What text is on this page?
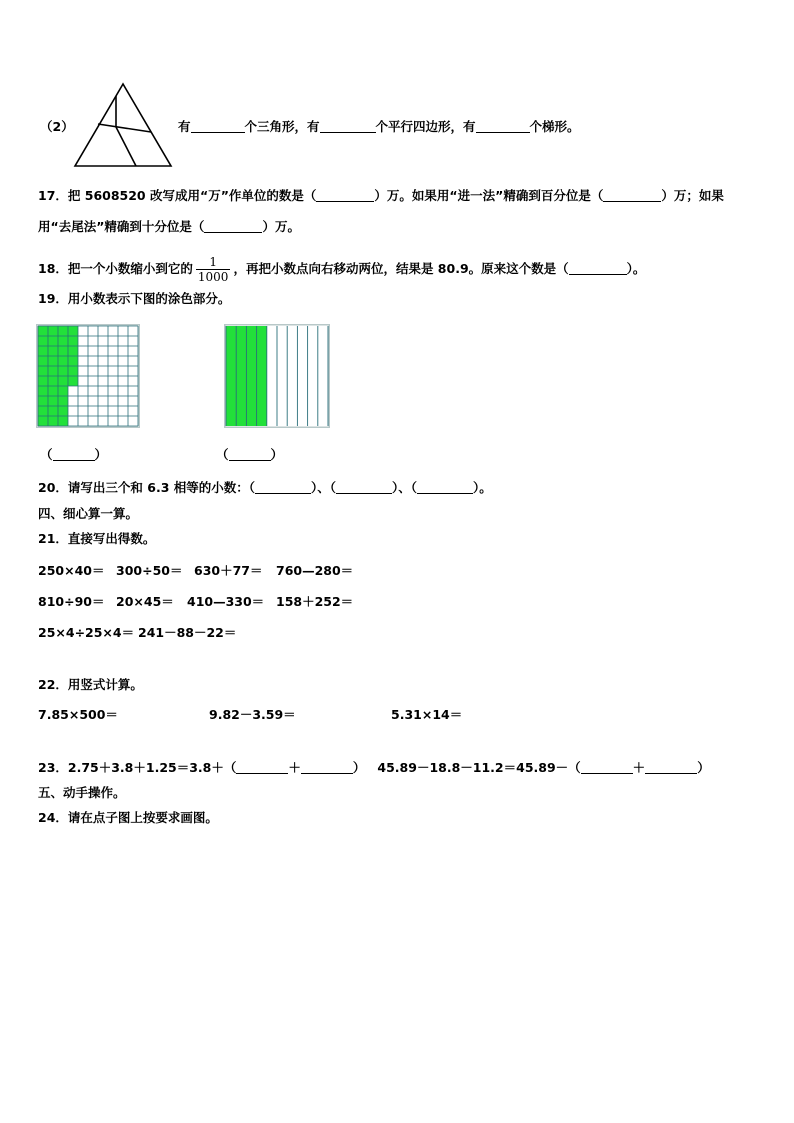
（2）	有	个三角形，有	个平行四边形，有	个梯形。
17．把 5608520 改写成用“万”作单位的数是（	）万。如果用“进一法”精确到百分位是（	）万；如果
用“去尾法”精确到十分位是（	）万。
18．把一个小数缩小到它的 $\frac{1}{1000}$ ，再把小数点向右移动两位，结果是 80.9。原来这个数是（	）。
19．用小数表示下图的涂色部分。
（	）	（	）
20．请写出三个和 6.3 相等的小数：（	）、（	）、（	）。
四、细心算一算。
21．直接写出得数。
250×40＝ 300÷50＝ 630＋77＝ 760—280＝
810÷90＝ 20×45＝ 410—330＝ 158＋252＝
25×4÷25×4＝ 241－88－22＝
22．用竖式计算。
7.85×500＝	9.82－3.59＝	5.31×14＝
23．2.75＋3.8＋1.25＝3.8＋（	＋	） 45.89－18.8－11.2＝45.89－（	＋	）
五、动手操作。
24．请在点子图上按要求画图。
